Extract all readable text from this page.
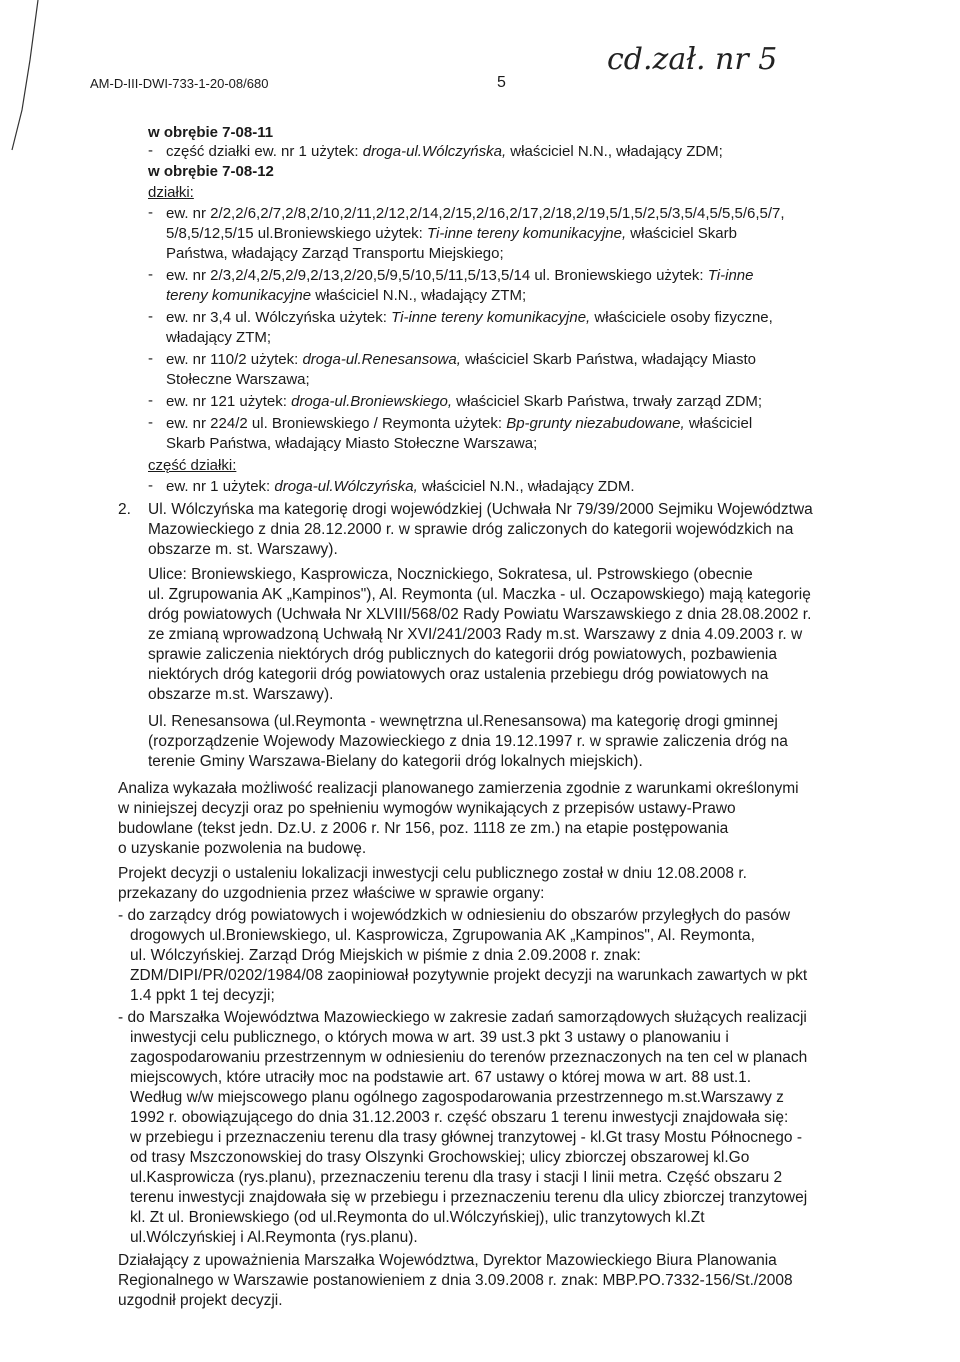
AM-D-III-DWI-733-1-20-08/680	5
cd.zał. nr 5
w obrębie 7-08-11
- część działki ew. nr 1 użytek: droga-ul.Wólczyńska, właściciel N.N., władający ZDM;
w obrębie 7-08-12
działki:
- ew. nr 2/2,2/6,2/7,2/8,2/10,2/11,2/12,2/14,2/15,2/16,2/17,2/18,2/19,5/1,5/2,5/3,5/4,5/5,5/6,5/7,
5/8,5/12,5/15 ul.Broniewskiego użytek: Ti-inne tereny komunikacyjne, właściciel Skarb
Państwa, władający Zarząd Transportu Miejskiego;
- ew. nr 2/3,2/4,2/5,2/9,2/13,2/20,5/9,5/10,5/11,5/13,5/14 ul. Broniewskiego użytek: Ti-inne
tereny komunikacyjne właściciel N.N., władający ZTM;
- ew. nr 3,4 ul. Wólczyńska użytek: Ti-inne tereny komunikacyjne, właściciele osoby fizyczne,
władający ZTM;
- ew. nr 110/2 użytek: droga-ul.Renesansowa, właściciel Skarb Państwa, władający Miasto
Stołeczne Warszawa;
- ew. nr 121 użytek: droga-ul.Broniewskiego, właściciel Skarb Państwa, trwały zarząd ZDM;
- ew. nr 224/2 ul. Broniewskiego / Reymonta użytek: Bp-grunty niezabudowane, właściciel
Skarb Państwa, władający Miasto Stołeczne Warszawa;
część działki:
- ew. nr 1 użytek: droga-ul.Wólczyńska, właściciel N.N., władający ZDM.
2. Ul. Wólczyńska ma kategorię drogi wojewódzkiej (Uchwała Nr 79/39/2000 Sejmiku Województwa
Mazowieckiego z dnia 28.12.2000 r. w sprawie dróg zaliczonych do kategorii wojewódzkich na
obszarze m. st. Warszawy).
Ulice: Broniewskiego, Kasprowicza, Nocznickiego, Sokratesa, ul. Pstrowskiego (obecnie
ul. Zgrupowania AK „Kampinos"), Al. Reymonta (ul. Maczka - ul. Oczapowskiego) mają kategorię
dróg powiatowych (Uchwała Nr XLVIII/568/02 Rady Powiatu Warszawskiego z dnia 28.08.2002 r.
ze zmianą wprowadzoną Uchwałą Nr XVI/241/2003 Rady m.st. Warszawy z dnia 4.09.2003 r. w
sprawie zaliczenia niektórych dróg publicznych do kategorii dróg powiatowych, pozbawienia
niektórych dróg kategorii dróg powiatowych oraz ustalenia przebiegu dróg powiatowych na
obszarze m.st. Warszawy).
Ul. Renesansowa (ul.Reymonta - wewnętrzna ul.Renesansowa) ma kategorię drogi gminnej
(rozporządzenie Wojewody Mazowieckiego z dnia 19.12.1997 r. w sprawie zaliczenia dróg na
terenie Gminy Warszawa-Bielany do kategorii dróg lokalnych miejskich).
Analiza wykazała możliwość realizacji planowanego zamierzenia zgodnie z warunkami określonymi
w niniejszej decyzji oraz po spełnieniu wymogów wynikających z przepisów ustawy-Prawo
budowlane (tekst jedn. Dz.U. z 2006 r. Nr 156, poz. 1118 ze zm.) na etapie postępowania
o uzyskanie pozwolenia na budowę.
Projekt decyzji o ustaleniu lokalizacji inwestycji celu publicznego został w dniu 12.08.2008 r.
przekazany do uzgodnienia przez właściwe w sprawie organy:
- do zarządcy dróg powiatowych i wojewódzkich w odniesieniu do obszarów przyległych do pasów
drogowych ul.Broniewskiego, ul. Kasprowicza, Zgrupowania AK „Kampinos", Al. Reymonta,
ul. Wólczyńskiej. Zarząd Dróg Miejskich w piśmie z dnia 2.09.2008 r. znak:
ZDM/DIPI/PR/0202/1984/08 zaopiniował pozytywnie projekt decyzji na warunkach zawartych w pkt
1.4 ppkt 1 tej decyzji;
- do Marszałka Województwa Mazowieckiego w zakresie zadań samorządowych służących realizacji
inwestycji celu publicznego, o których mowa w art. 39 ust.3 pkt 3 ustawy o planowaniu i
zagospodarowaniu przestrzennym w odniesieniu do terenów przeznaczonych na ten cel w planach
miejscowych, które utraciły moc na podstawie art. 67 ustawy o której mowa w art. 88 ust.1.
Według w/w miejscowego planu ogólnego zagospodarowania przestrzennego m.st.Warszawy z
1992 r. obowiązującego do dnia 31.12.2003 r. część obszaru 1 terenu inwestycji znajdowała się:
w przebiegu i przeznaczeniu terenu dla trasy głównej tranzytowej - kl.Gt trasy Mostu Północnego -
od trasy Mszczonowskiej do trasy Olszynki Grochowskiej; ulicy zbiorczej obszarowej kl.Go
ul.Kasprowicza (rys.planu), przeznaczeniu terenu dla trasy i stacji I linii metra. Część obszaru 2
terenu inwestycji znajdowała się w przebiegu i przeznaczeniu terenu dla ulicy zbiorczej tranzytowej
kl. Zt ul. Broniewskiego (od ul.Reymonta do ul.Wólczyńskiej), ulic tranzytowych kl.Zt
ul.Wólczyńskiej i Al.Reymonta (rys.planu).
Działający z upoważnienia Marszałka Województwa, Dyrektor Mazowieckiego Biura Planowania
Regionalnego w Warszawie postanowieniem z dnia 3.09.2008 r. znak: MBP.PO.7332-156/St./2008
uzgodnił projekt decyzji.
